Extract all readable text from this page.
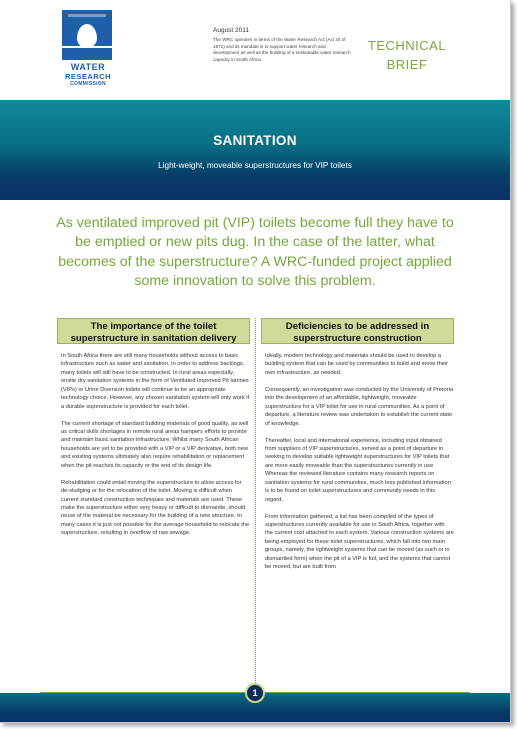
WATER
RESEARCH
COMMISSION
August 2011
The WRC operates in terms of the Water Research Act (Act 34 of 1971) and its mandate is to support water research and development as well as the building of a sustainable water research capacity in South Africa.
TECHNICAL
BRIEF
SANITATION
Light-weight, moveable superstructures for VIP toilets
As ventilated improved pit (VIP) toilets become full they have to be emptied or new pits dug. In the case of the latter, what becomes of the superstructure? A WRC-funded project applied some innovation to solve this problem.
The importance of the toilet superstructure in sanitation delivery

In South Africa there are still many households without access to basic infrastructure such as water and sanitation. In order to address backlogs, many toilets will still have to be constructed. In rural areas especially, onsite dry sanitation systems in the form of Ventilated Improved Pit latrines (VIPs) or Urine Diversion toilets will continue to be an appropriate technology choice. However, any chosen sanitation system will only work if a durable superstructure is provided for each toilet.

The current shortage of standard building materials of good quality, as well as critical skills shortages in remote rural areas hampers efforts to provide and maintain basic sanitation infrastructure. Whilst many South African households are yet to be provided with a VIP or a VIP derivative, both new and existing systems ultimately also require rehabilitation or replacement when the pit reaches its capacity or the end of its design life.

Rehabilitation could entail moving the superstructure to allow access for de-sludging or for the relocation of the toilet. Moving is difficult when current standard construction techniques and materials are used. These make the superstructure either very heavy or difficult to dismantle, should reuse of the material be necessary for the building of a new structure. In many cases it is just not possible for the average household to relocate the superstructure, resulting in overflow of raw sewage.

Deficiencies to be addressed in superstructure construction

Ideally, modern technology and materials should be used to develop a building system that can be used by communities to build and move their own infrastructure, as needed.

Consequently, an investigation was conducted by the University of Pretoria into the development of an affordable, lightweight, moveable superstructure for a VIP toilet for use in rural communities. As a point of departure, a literature review was undertaken to establish the current state of knowledge.

Thereafter, local and international experience, including input obtained from suppliers of VIP superstructures, served as a point of departure in seeking to develop suitable lightweight superstructures for VIP toilets that are more easily moveable than the superstructures currently in use. Whereas the reviewed literature contains many research reports on sanitation systems for rural communities, much less published information is to be found on toilet superstructures and community needs in this regard.

From information gathered, a list has been compiled of the types of superstructures currently available for use in South Africa, together with the current cost attached to each system. Various construction systems are being employed for these toilet superstructures, which fall into two main groups, namely, the lightweight systems that can be moved (as such or in dismantled form) when the pit of a VIP is full, and the systems that cannot be moved, but are built from

1
